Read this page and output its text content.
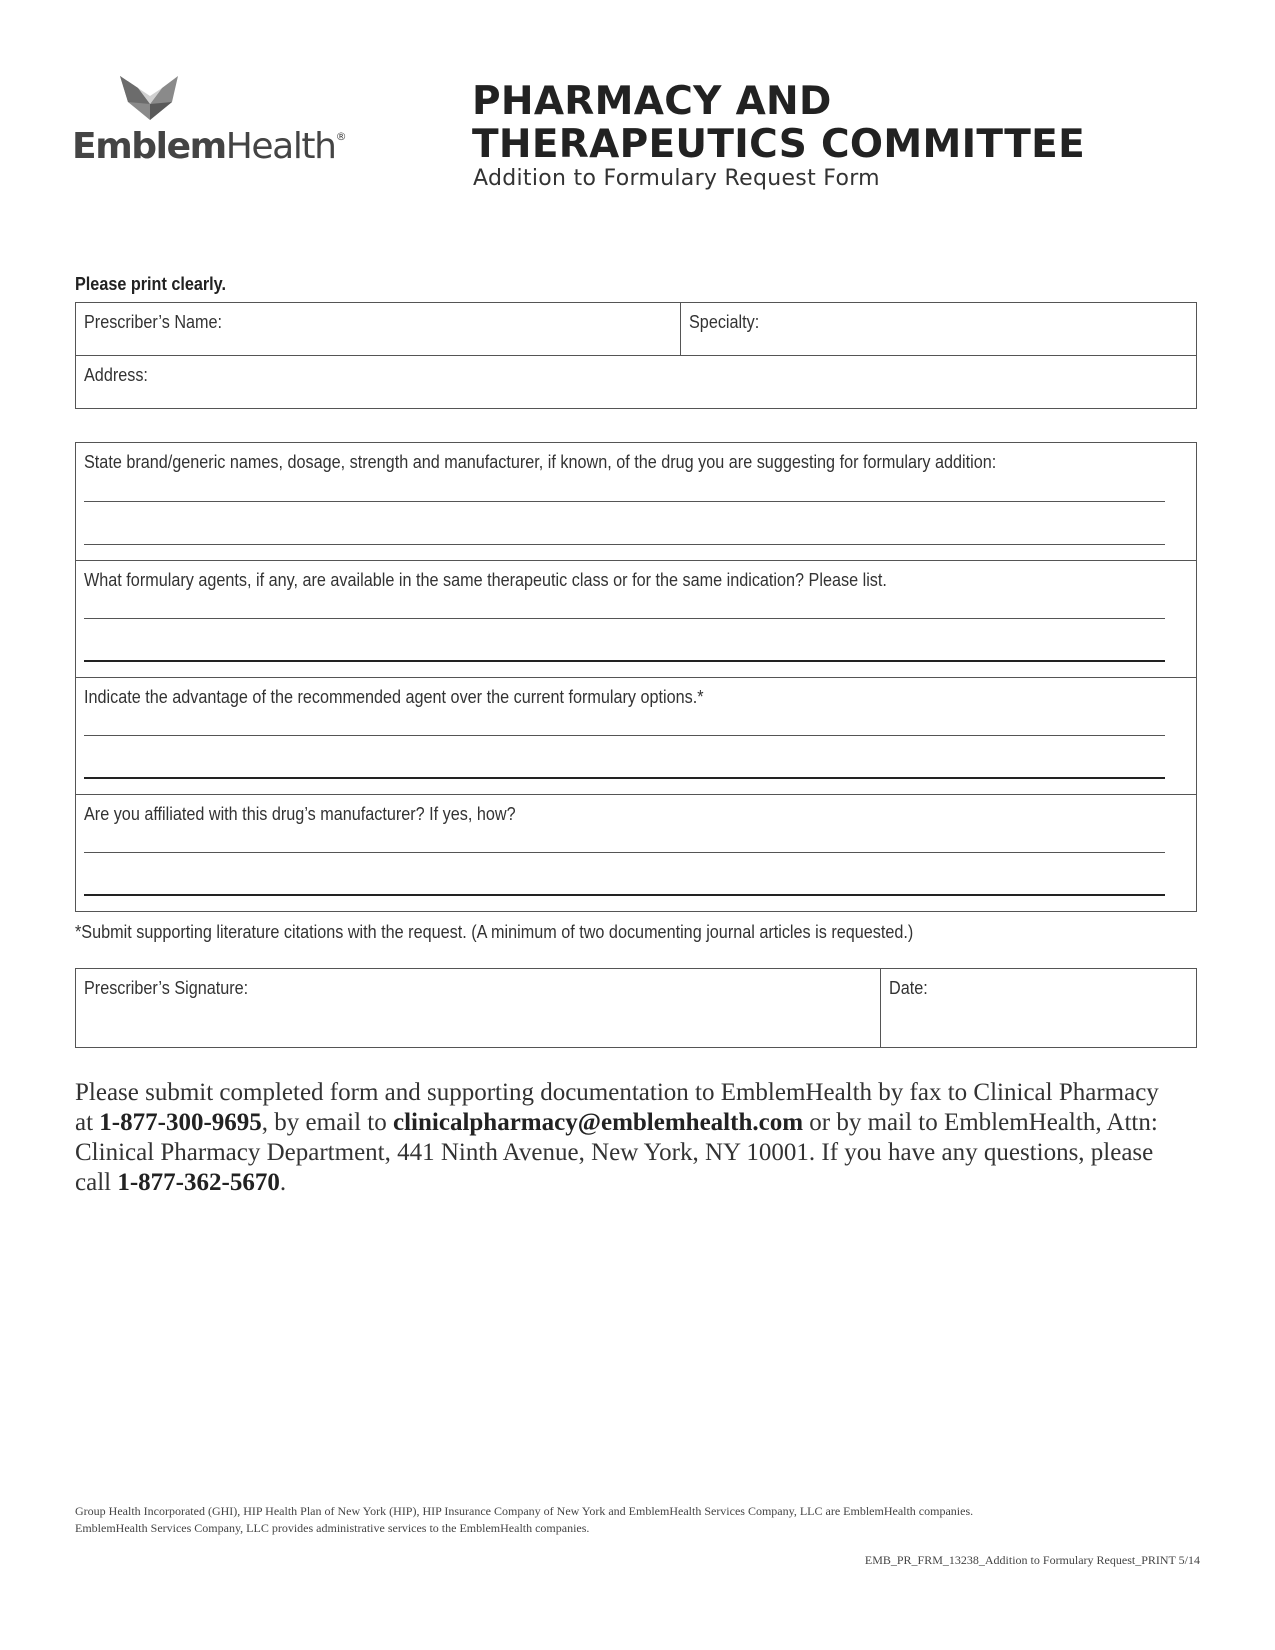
EmblemHealth®
PHARMACY AND
THERAPEUTICS COMMITTEE
Addition to Formulary Request Form
Please print clearly.
Prescriber’s Name:	Specialty:
Address:
State brand/generic names, dosage, strength and manufacturer, if known, of the drug you are suggesting for formulary addition:
What formulary agents, if any, are available in the same therapeutic class or for the same indication? Please list.
Indicate the advantage of the recommended agent over the current formulary options.*
Are you affiliated with this drug’s manufacturer? If yes, how?
*Submit supporting literature citations with the request. (A minimum of two documenting journal articles is requested.)
Prescriber’s Signature:	Date:
Please submit completed form and supporting documentation to EmblemHealth by fax to Clinical Pharmacy at 1-877-300-9695, by email to clinicalpharmacy@emblemhealth.com or by mail to EmblemHealth, Attn: Clinical Pharmacy Department, 441 Ninth Avenue, New York, NY 10001. If you have any questions, please call 1-877-362-5670.
Group Health Incorporated (GHI), HIP Health Plan of New York (HIP), HIP Insurance Company of New York and EmblemHealth Services Company, LLC are EmblemHealth companies.
EmblemHealth Services Company, LLC provides administrative services to the EmblemHealth companies.
EMB_PR_FRM_13238_Addition to Formulary Request_PRINT 5/14
